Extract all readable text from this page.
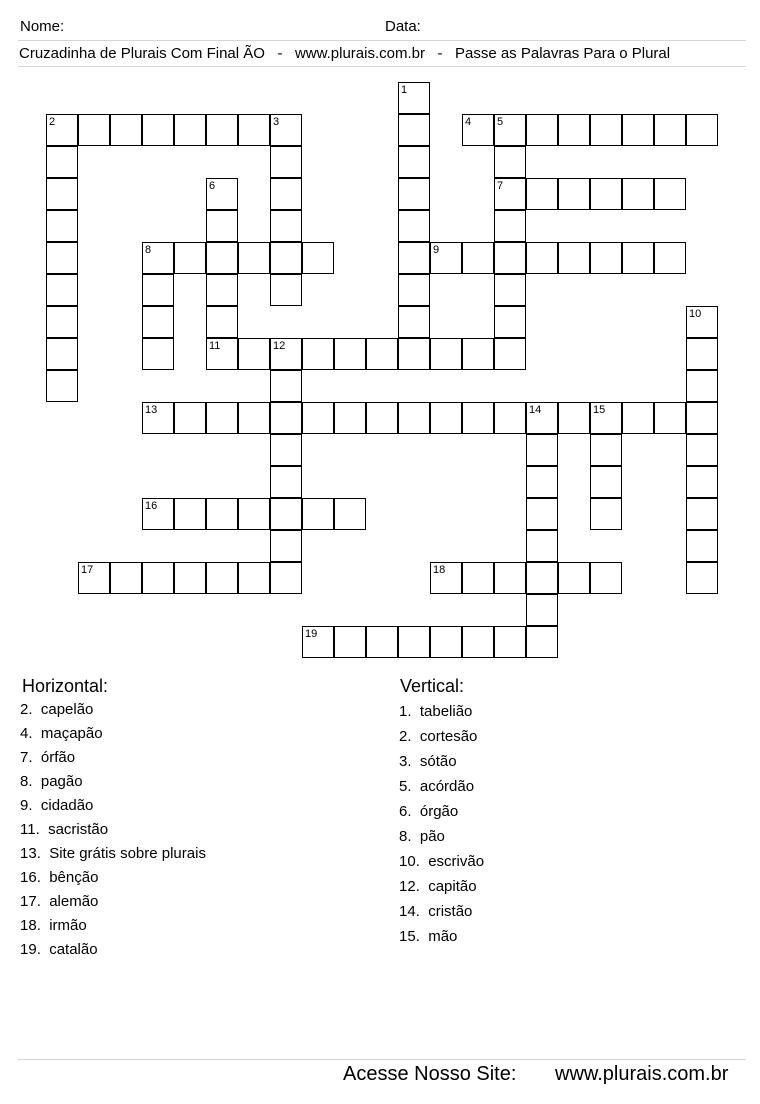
Nome:	Data:
Cruzadinha de Plurais Com Final ÃO   -   www.plurais.com.br   -   Passe as Palavras Para o Plural
1
2	3	4 5
7
6
11
8	9
10
12
13	14	15
16
17	18
19
Horizontal:
2.  capelão
4.  maçapão
7.  órfão
8.  pagão
9.  cidadão
11.  sacristão
13.  Site grátis sobre plurais
16.  bênção
17.  alemão
18.  irmão
19.  catalão
Vertical:
1.  tabelião
2.  cortesão
3.  sótão
5.  acórdão
6.  órgão
8.  pão
10.  escrivão
12.  capitão
14.  cristão
15.  mão
Acesse Nosso Site: www.plurais.com.br
